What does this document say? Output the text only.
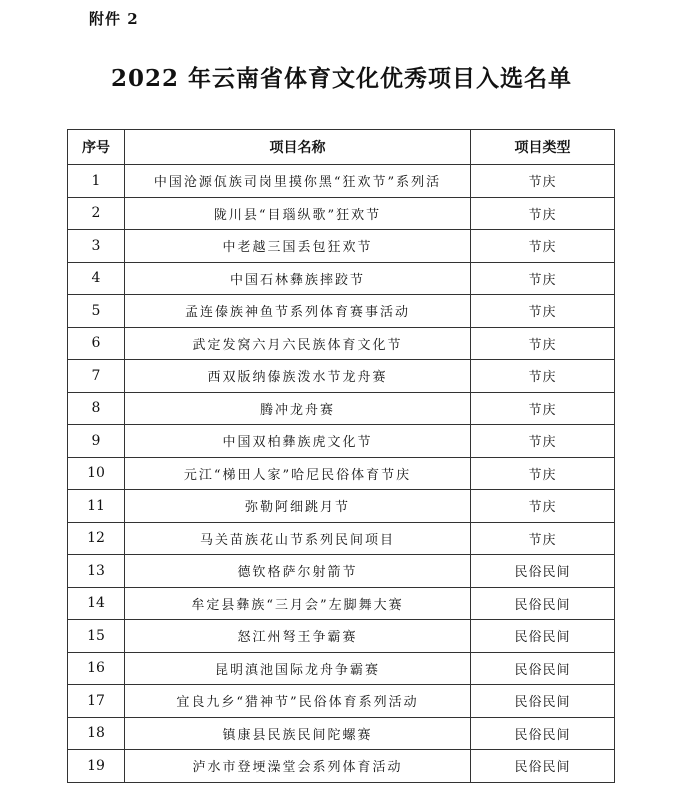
附件 2
2022 年云南省体育文化优秀项目入选名单
序号	项目名称	项目类型
1	中国沧源佤族司岗里摸你黑“狂欢节”系列活	节庆
2	陇川县“目瑙纵歌”狂欢节	节庆
3	中老越三国丢包狂欢节	节庆
4	中国石林彝族摔跤节	节庆
5	孟连傣族神鱼节系列体育赛事活动	节庆
6	武定发窝六月六民族体育文化节	节庆
7	西双版纳傣族泼水节龙舟赛	节庆
8	腾冲龙舟赛	节庆
9	中国双柏彝族虎文化节	节庆
10	元江“梯田人家”哈尼民俗体育节庆	节庆
11	弥勒阿细跳月节	节庆
12	马关苗族花山节系列民间项目	节庆
13	德钦格萨尔射箭节	民俗民间
14	牟定县彝族“三月会”左脚舞大赛	民俗民间
15	怒江州弩王争霸赛	民俗民间
16	昆明滇池国际龙舟争霸赛	民俗民间
17	宜良九乡“猎神节”民俗体育系列活动	民俗民间
18	镇康县民族民间陀螺赛	民俗民间
19	泸水市登埂澡堂会系列体育活动	民俗民间
